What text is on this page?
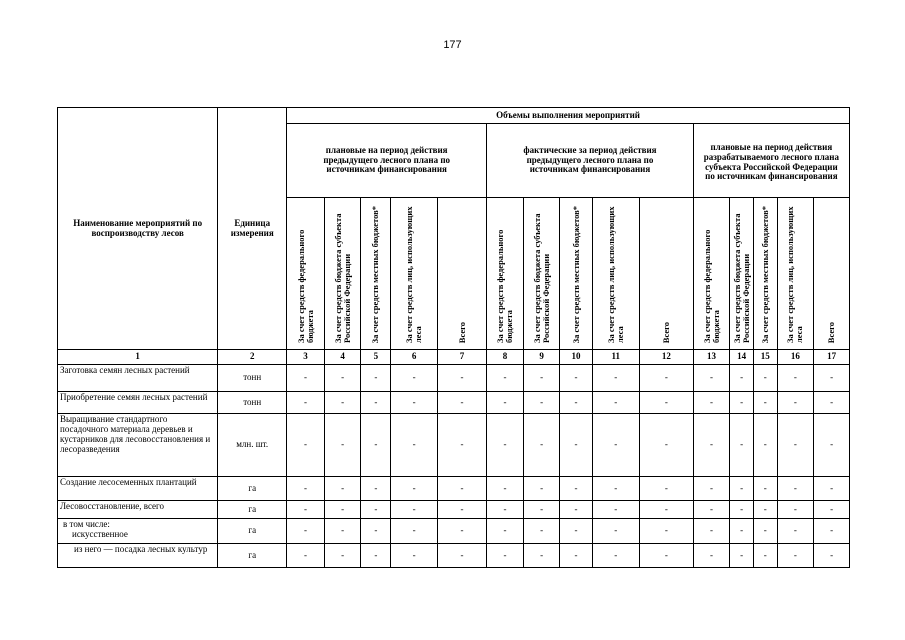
177
Наименование мероприятий по воспроизводству лесов	Единица измерения	Объемы выполнения мероприятий														
		плановые на период действия предыдущего лесного плана по источникам финансирования					фактические за период действия предыдущего лесного плана по источникам финансирования					плановые на период действия разрабатываемого лесного плана субъекта Российской Федерации по источникам финансирования				
		За счет средств федерального бюджета	За счет средств бюджета субъекта Российской Федерации	За счет средств местных бюджетов*	За счет средств лиц, использующих леса	Всего	За счет средств федерального бюджета	За счет средств бюджета субъекта Российской Федерации	За счет средств местных бюджетов*	За счет средств лиц, использующих леса	Всего	За счет средств федерального бюджета	За счет средств бюджета субъекта Российской Федерации	За счет средств местных бюджетов*	За счет средств лиц, использующих леса	Всего
1	2	3	4	5	6	7	8	9	10	11	12	13	14	15	16	17

Заготовка семян лесных растений	тонн	-	-	-	-	-	-	-	-	-	-	-	-	-	-	-

Приобретение семян лесных растений	тонн	-	-	-	-	-	-	-	-	-	-	-	-	-	-	-

Выращивание стандартного посадочного материала деревьев и кустарников для лесовосстановления и лесоразведения	млн. шт.	-	-	-	-	-	-	-	-	-	-	-	-	-	-	-

Создание лесосеменных плантаций	га	-	-	-	-	-	-	-	-	-	-	-	-	-	-	-

Лесовосстановление, всего	га	-	-	-	-	-	-	-	-	-	-	-	-	-	-	-

в том числе:
искусственное	га	-	-	-	-	-	-	-	-	-	-	-	-	-	-	-

из него — посадка лесных культур	га	-	-	-	-	-	-	-	-	-	-	-	-	-	-	-
